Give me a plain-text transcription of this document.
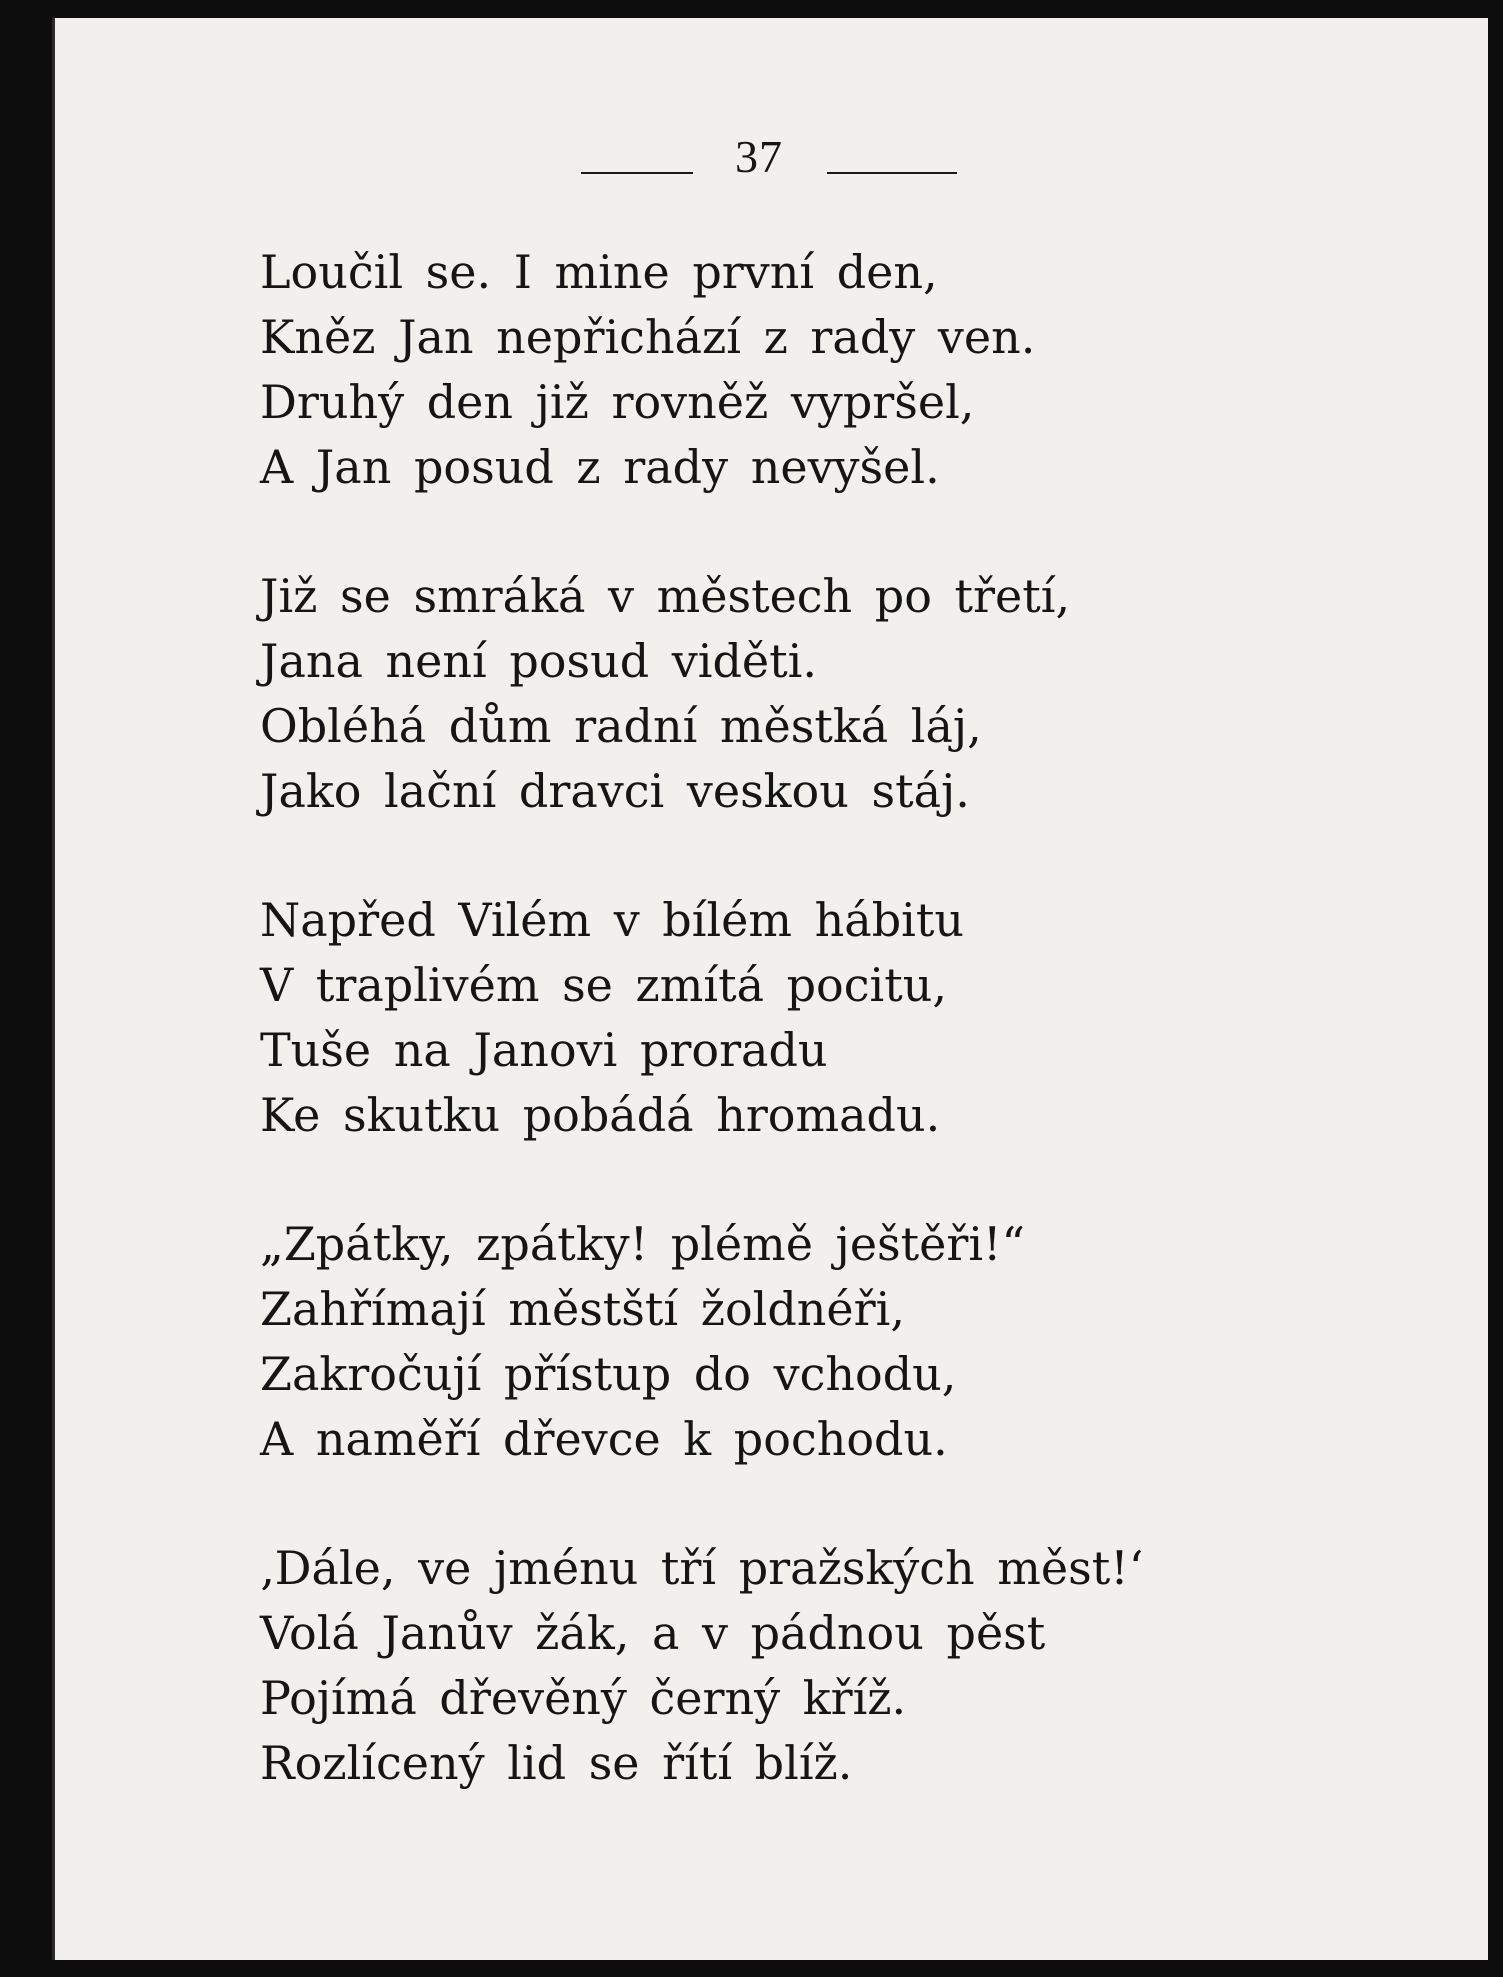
37
Loučil se. I mine první den,
Kněz Jan nepřichází z rady ven.
Druhý den již rovněž vypršel,
A Jan posud z rady nevyšel.
Již se smráká v městech po třetí,
Jana není posud viděti.
Obléhá dům radní městká láj,
Jako lační dravci veskou stáj.
Napřed Vilém v bílém hábitu
V traplivém se zmítá pocitu,
Tuše na Janovi proradu
Ke skutku pobádá hromadu.
„Zpátky, zpátky! plémě ještěři!“
Zahřímají městští žoldnéři,
Zakročují přístup do vchodu,
A naměří dřevce k pochodu.
‚Dále, ve jménu tří pražských měst!‘
Volá Janův žák, a v pádnou pěst
Pojímá dřevěný černý kříž.
Rozlícený lid se řítí blíž.
